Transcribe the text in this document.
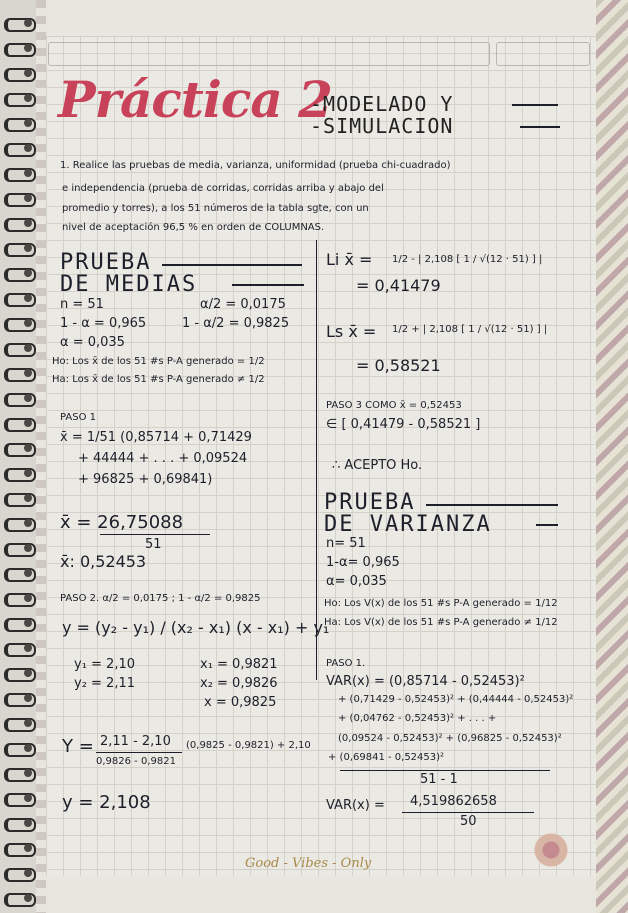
Práctica 2
-MODELADO Y
-SIMULACION
1. Realice las pruebas de media, varianza, uniformidad (prueba chi-cuadrado)
e independencia (prueba de corridas, corridas arriba y abajo del
promedio y torres), a los 51 números de la tabla sgte, con un
nivel de aceptación 96,5 % en orden de COLUMNAS.
PRUEBA
DE MEDIAS
n = 51	α/2 = 0,0175
1 - α = 0,965	1 - α/2 = 0,9825
α = 0,035
Ho: Los x̄ de los 51 #s P-A generado = 1/2
Ha: Los x̄ de los 51 #s P-A generado ≠ 1/2
PASO 1
x̄ = 1/51 (0,85714 + 0,71429
+ 44444 + . . . + 0,09524
+ 96825 + 0,69841)
x̄ = 26,75088
51
x̄: 0,52453
PASO 2. α/2 = 0,0175 ; 1 - α/2 = 0,9825
y = (y₂ - y₁) / (x₂ - x₁) (x - x₁) + y₁
y₁ = 2,10	x₁ = 0,9821
y₂ = 2,11	x₂ = 0,9826
x = 0,9825
Y = 2,11 - 2,10
0,9826 - 0,9821
(0,9825 - 0,9821) + 2,10
y = 2,108
Li x̄ = 1/2 - | 2,108 [ 1 / √(12 · 51) ] |
= 0,41479
Ls x̄ = 1/2 + | 2,108 [ 1 / √(12 · 51) ] |
= 0,58521
PASO 3 COMO x̄ = 0,52453
∈ [ 0,41479 - 0,58521 ]
∴ ACEPTO Ho.
PRUEBA
DE VARIANZA
n= 51
1-α= 0,965
α= 0,035
Ho: Los V(x) de los 51 #s P-A generado = 1/12
Ha: Los V(x) de los 51 #s P-A generado ≠ 1/12
PASO 1.
VAR(x) = (0,85714 - 0,52453)²
+ (0,71429 - 0,52453)² + (0,44444 - 0,52453)²
+ (0,04762 - 0,52453)² + . . . +
(0,09524 - 0,52453)² + (0,96825 - 0,52453)²
+ (0,69841 - 0,52453)²
51 - 1
VAR(x) = 4,519862658
50
Good - Vibes - Only
